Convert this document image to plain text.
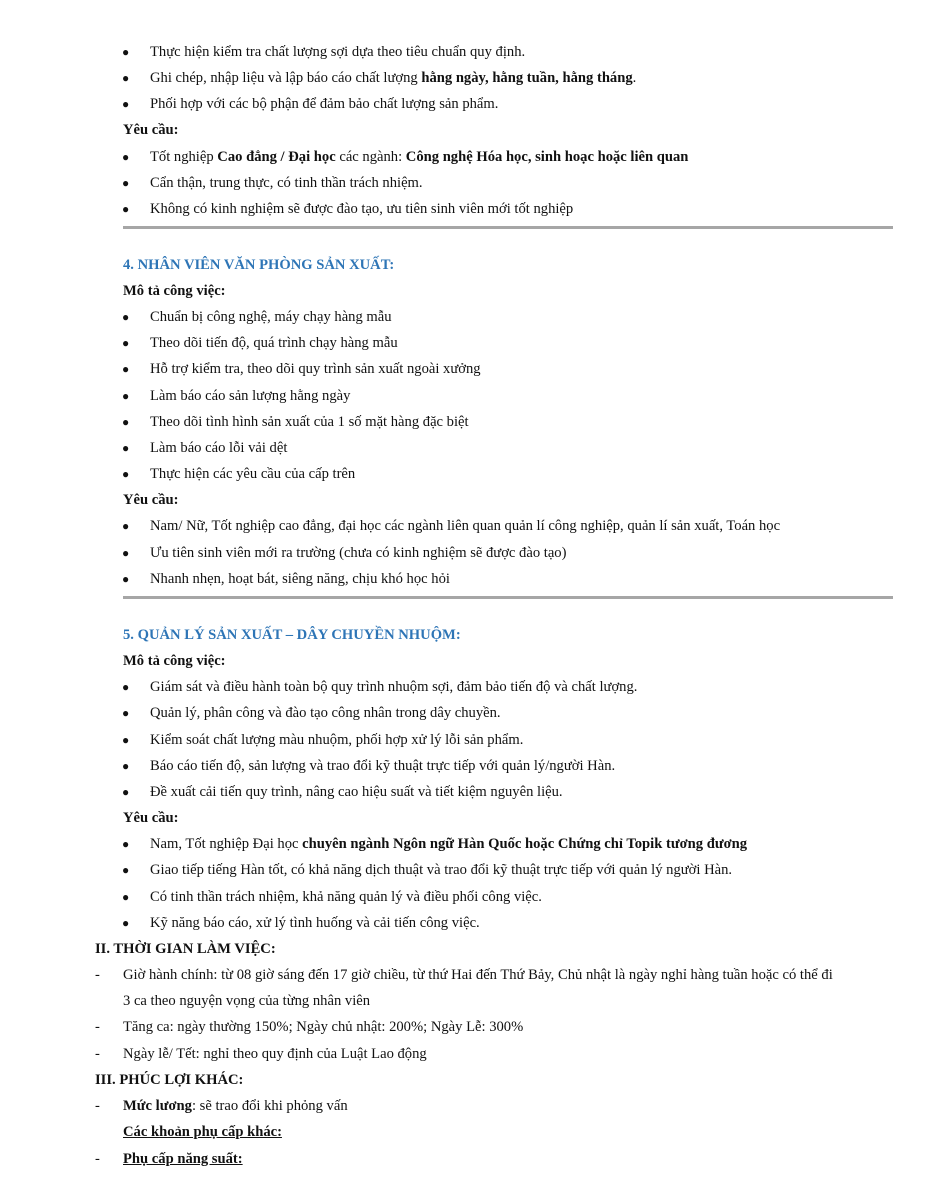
● Thực hiện kiểm tra chất lượng sợi dựa theo tiêu chuẩn quy định.
● Ghi chép, nhập liệu và lập báo cáo chất lượng hằng ngày, hằng tuần, hằng tháng.
● Phối hợp với các bộ phận để đảm bảo chất lượng sản phẩm.
Yêu cầu:
● Tốt nghiệp Cao đẳng / Đại học các ngành: Công nghệ Hóa học, sinh hoạc hoặc liên quan
● Cẩn thận, trung thực, có tinh thần trách nhiệm.
● Không có kinh nghiệm sẽ được đào tạo, ưu tiên sinh viên mới tốt nghiệp
4. NHÂN VIÊN VĂN PHÒNG SẢN XUẤT:
Mô tả công việc:
● Chuẩn bị công nghệ, máy chạy hàng mẫu
● Theo dõi tiến độ, quá trình chạy hàng mẫu
● Hỗ trợ kiểm tra, theo dõi quy trình sản xuất ngoài xưởng
● Làm báo cáo sản lượng hằng ngày
● Theo dõi tình hình sản xuất của 1 số mặt hàng đặc biệt
● Làm báo cáo lỗi vải dệt
● Thực hiện các yêu cầu của cấp trên
Yêu cầu:
● Nam/ Nữ, Tốt nghiệp cao đẳng, đại học các ngành liên quan quản lí công nghiệp, quản lí sản xuất, Toán học
● Ưu tiên sinh viên mới ra trường (chưa có kinh nghiệm sẽ được đào tạo)
● Nhanh nhẹn, hoạt bát, siêng năng, chịu khó học hỏi
5. QUẢN LÝ SẢN XUẤT – DÂY CHUYỀN NHUỘM:
Mô tả công việc:
● Giám sát và điều hành toàn bộ quy trình nhuộm sợi, đảm bảo tiến độ và chất lượng.
● Quản lý, phân công và đào tạo công nhân trong dây chuyền.
● Kiểm soát chất lượng màu nhuộm, phối hợp xử lý lỗi sản phẩm.
● Báo cáo tiến độ, sản lượng và trao đổi kỹ thuật trực tiếp với quản lý/người Hàn.
● Đề xuất cải tiến quy trình, nâng cao hiệu suất và tiết kiệm nguyên liệu.
Yêu cầu:
● Nam, Tốt nghiệp Đại học chuyên ngành Ngôn ngữ Hàn Quốc hoặc Chứng chỉ Topik tương đương
● Giao tiếp tiếng Hàn tốt, có khả năng dịch thuật và trao đổi kỹ thuật trực tiếp với quản lý người Hàn.
● Có tinh thần trách nhiệm, khả năng quản lý và điều phối công việc.
● Kỹ năng báo cáo, xử lý tình huống và cải tiến công việc.
II. THỜI GIAN LÀM VIỆC:
- Giờ hành chính: từ 08 giờ sáng đến 17 giờ chiều, từ thứ Hai đến Thứ Bảy, Chủ nhật là ngày nghỉ hàng tuần hoặc có thể đi
3 ca theo nguyện vọng của từng nhân viên
- Tăng ca: ngày thường 150%; Ngày chủ nhật: 200%; Ngày Lễ: 300%
- Ngày lễ/ Tết: nghỉ theo quy định của Luật Lao động
III. PHÚC LỢI KHÁC:
- Mức lương: sẽ trao đổi khi phỏng vấn
Các khoản phụ cấp khác:
- Phụ cấp năng suất:
